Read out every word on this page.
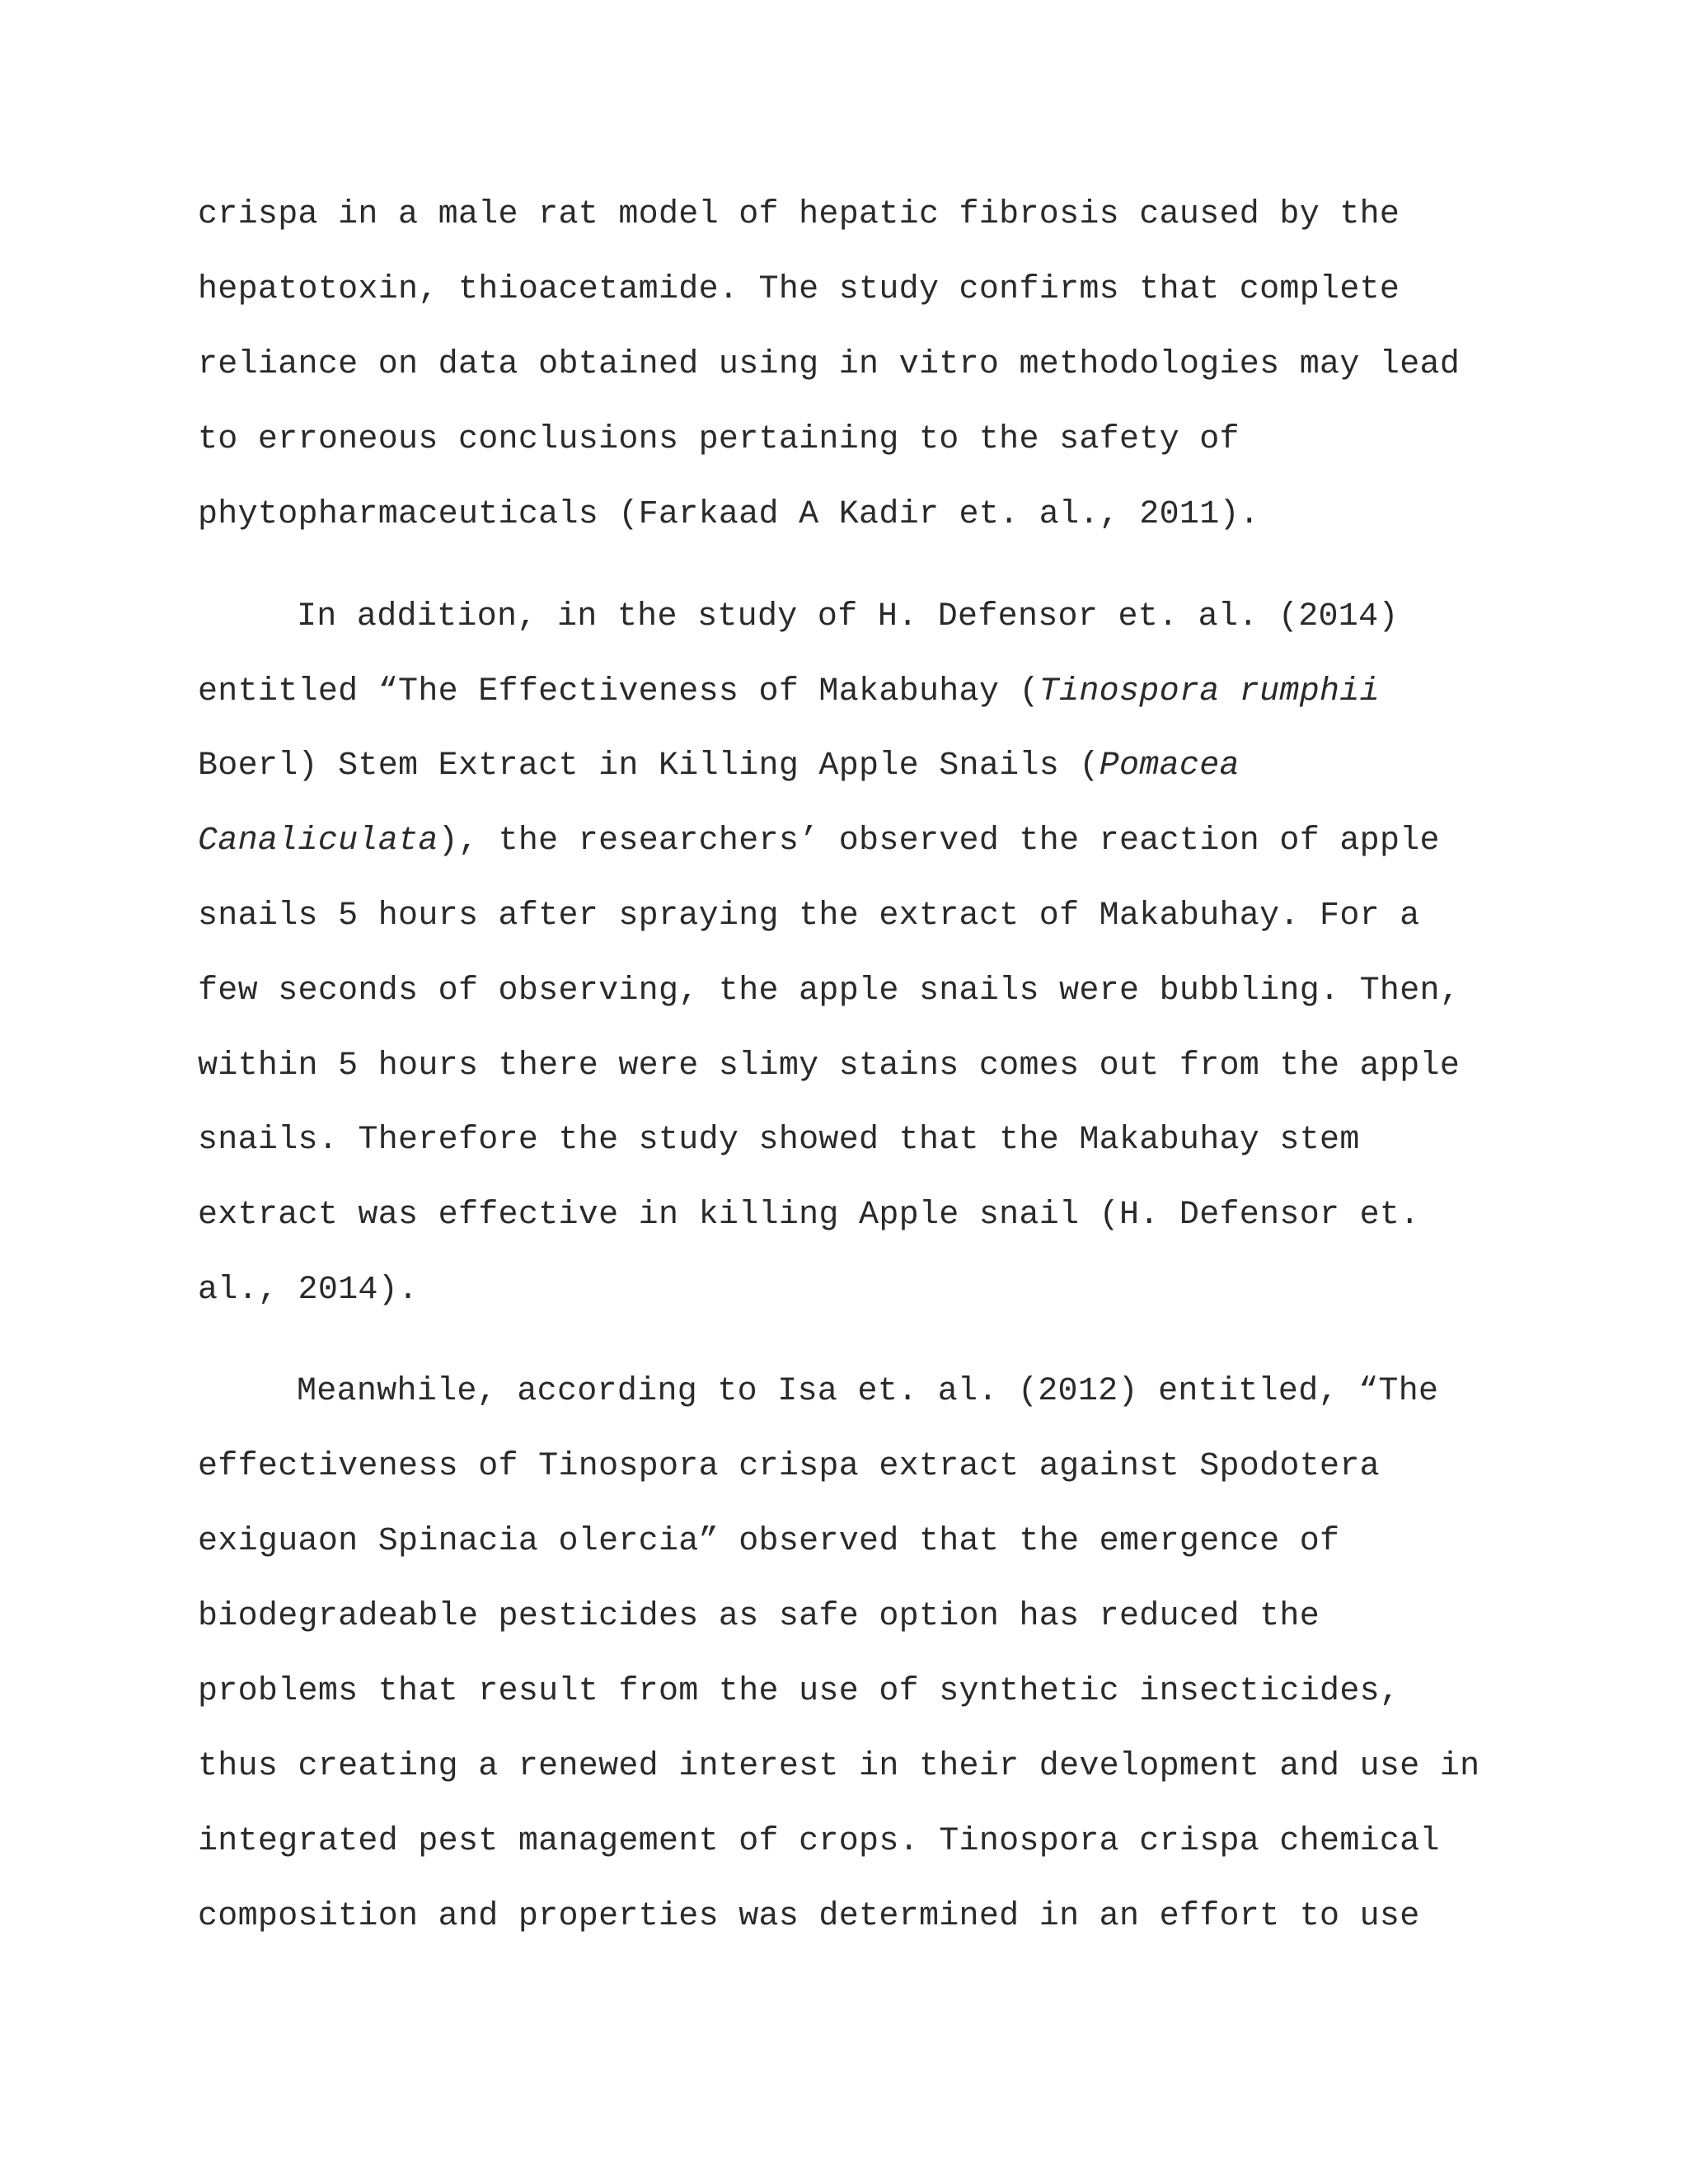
crispa in a male rat model of hepatic fibrosis caused by the

hepatotoxin, thioacetamide. The study confirms that complete

reliance on data obtained using in vitro methodologies may lead

to erroneous conclusions pertaining to the safety of

phytopharmaceuticals (Farkaad A Kadir et. al., 2011).

In addition, in the study of H. Defensor et. al. (2014)

entitled “The Effectiveness of Makabuhay (Tinospora rumphii

Boerl) Stem Extract in Killing Apple Snails (Pomacea

Canaliculata), the researchers’ observed the reaction of apple

snails 5 hours after spraying the extract of Makabuhay. For a

few seconds of observing, the apple snails were bubbling. Then,

within 5 hours there were slimy stains comes out from the apple

snails. Therefore the study showed that the Makabuhay stem

extract was effective in killing Apple snail (H. Defensor et.

al., 2014).

Meanwhile, according to Isa et. al. (2012) entitled, “The

effectiveness of Tinospora crispa extract against Spodotera

exiguaon Spinacia olercia” observed that the emergence of

biodegradeable pesticides as safe option has reduced the

problems that result from the use of synthetic insecticides,

thus creating a renewed interest in their development and use in

integrated pest management of crops. Tinospora crispa chemical

composition and properties was determined in an effort to use
